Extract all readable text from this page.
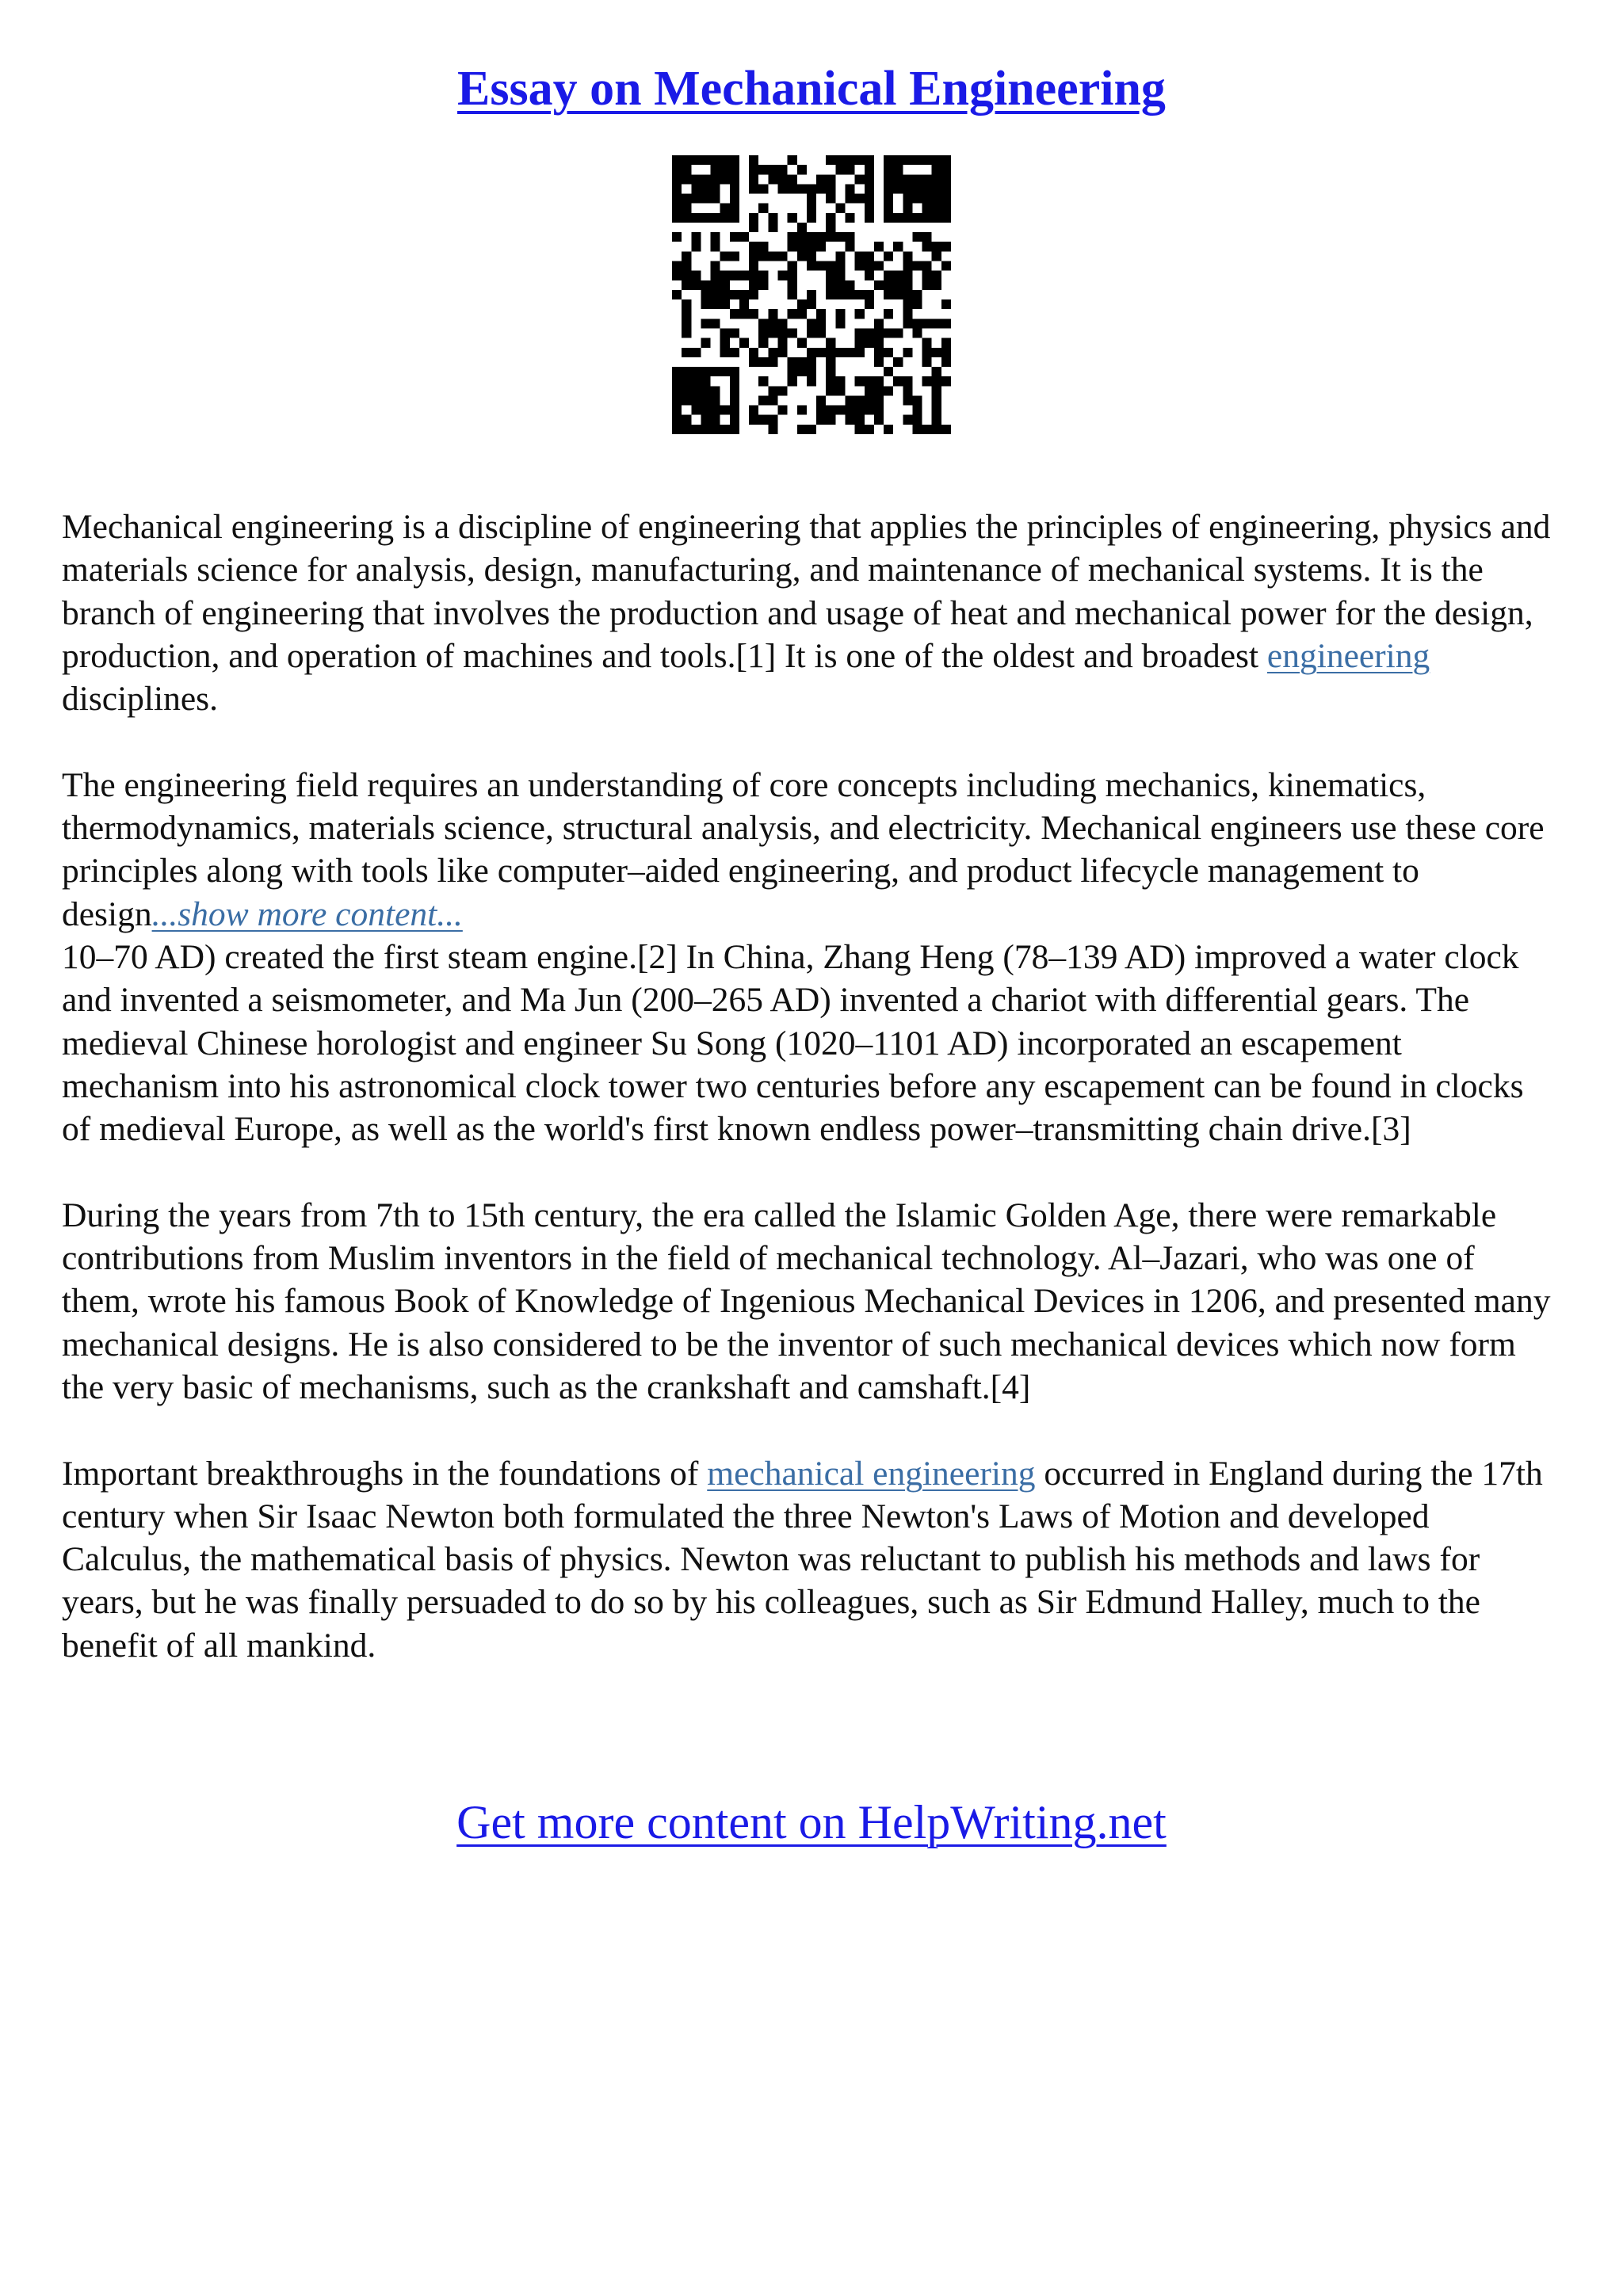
Essay on Mechanical Engineering

Mechanical engineering is a discipline of engineering that applies the principles of engineering, physics and materials science for analysis, design, manufacturing, and maintenance of mechanical systems. It is the branch of engineering that involves the production and usage of heat and mechanical power for the design, production, and operation of machines and tools.[1] It is one of the oldest and broadest engineering disciplines.

The engineering field requires an understanding of core concepts including mechanics, kinematics, thermodynamics, materials science, structural analysis, and electricity. Mechanical engineers use these core principles along with tools like computer–aided engineering, and product lifecycle management to design...show more content...

10–70 AD) created the first steam engine.[2] In China, Zhang Heng (78–139 AD) improved a water clock and invented a seismometer, and Ma Jun (200–265 AD) invented a chariot with differential gears. The medieval Chinese horologist and engineer Su Song (1020–1101 AD) incorporated an escapement mechanism into his astronomical clock tower two centuries before any escapement can be found in clocks of medieval Europe, as well as the world's first known endless power–transmitting chain drive.[3]

During the years from 7th to 15th century, the era called the Islamic Golden Age, there were remarkable contributions from Muslim inventors in the field of mechanical technology. Al–Jazari, who was one of them, wrote his famous Book of Knowledge of Ingenious Mechanical Devices in 1206, and presented many mechanical designs. He is also considered to be the inventor of such mechanical devices which now form the very basic of mechanisms, such as the crankshaft and camshaft.[4]

Important breakthroughs in the foundations of mechanical engineering occurred in England during the 17th century when Sir Isaac Newton both formulated the three Newton's Laws of Motion and developed Calculus, the mathematical basis of physics. Newton was reluctant to publish his methods and laws for years, but he was finally persuaded to do so by his colleagues, such as Sir Edmund Halley, much to the benefit of all mankind.

Get more content on HelpWriting.net
